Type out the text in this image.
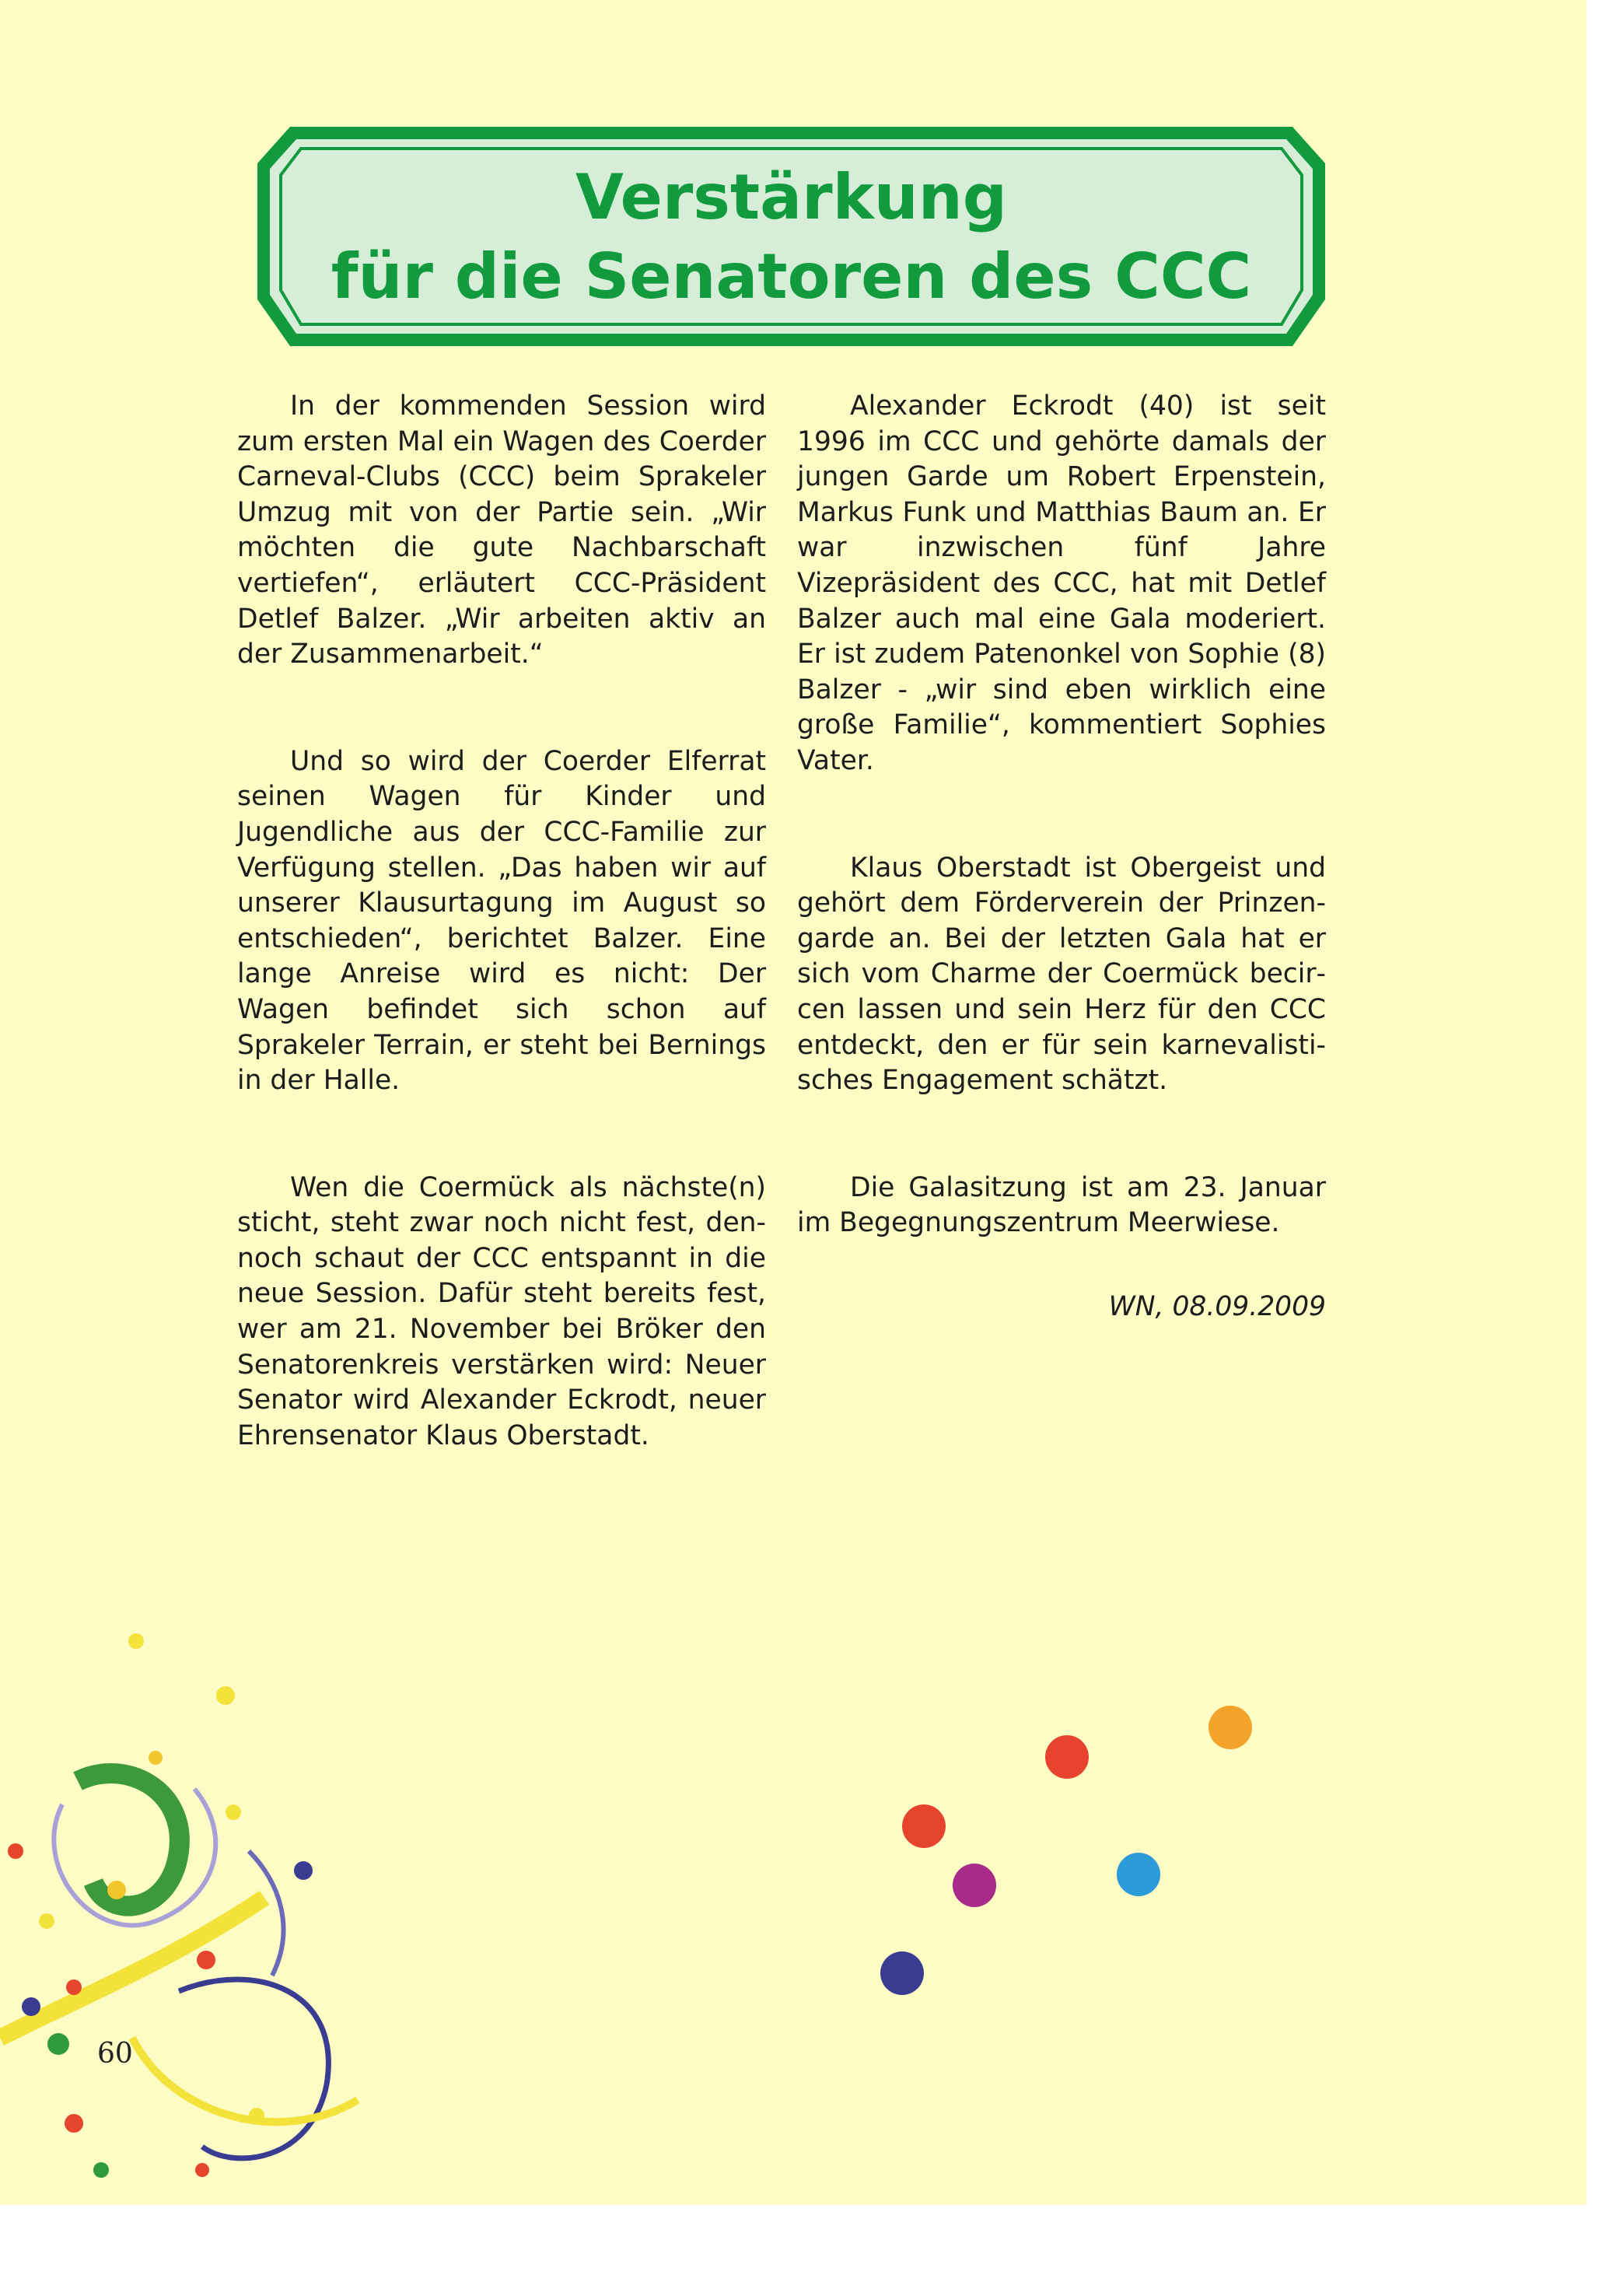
Verstärkung
für die Senatoren des CCC

In der kommenden Session wird zum ersten Mal ein Wagen des Coerder Carneval-Clubs (CCC) beim Sprakeler Umzug mit von der Partie sein. „Wir möchten die gute Nachbarschaft vertiefen“, erläutert CCC-Präsident Detlef Balzer. „Wir arbeiten aktiv an der Zusammenarbeit.“

Und so wird der Coerder Elferrat seinen Wagen für Kinder und Jugendliche aus der CCC-Familie zur Verfügung stellen. „Das haben wir auf unserer Klausurtagung im August so entschieden“, berichtet Balzer. Eine lange Anreise wird es nicht: Der Wagen befindet sich schon auf Sprakeler Terrain, er steht bei Bernings in der Halle.

Wen die Coermück als nächste(n) sticht, steht zwar noch nicht fest, dennoch schaut der CCC entspannt in die neue Session. Dafür steht bereits fest, wer am 21. November bei Bröker den Senatorenkreis verstärken wird: Neuer Senator wird Alexander Eckrodt, neuer Ehrensenator Klaus Oberstadt.

Alexander Eckrodt (40) ist seit 1996 im CCC und gehörte damals der jungen Garde um Robert Erpenstein, Markus Funk und Matthias Baum an. Er war inzwischen fünf Jahre Vizepräsident des CCC, hat mit Detlef Balzer auch mal eine Gala moderiert. Er ist zudem Patenonkel von Sophie (8) Balzer - „wir sind eben wirklich eine große Familie“, kommentiert Sophies Vater.

Klaus Oberstadt ist Obergeist und gehört dem Förderverein der Prinzengarde an. Bei der letzten Gala hat er sich vom Charme der Coermück becircen lassen und sein Herz für den CCC entdeckt, den er für sein karnevalistisches Engagement schätzt.

Die Galasitzung ist am 23. Januar im Begegnungszentrum Meerwiese.

WN, 08.09.2009

60
